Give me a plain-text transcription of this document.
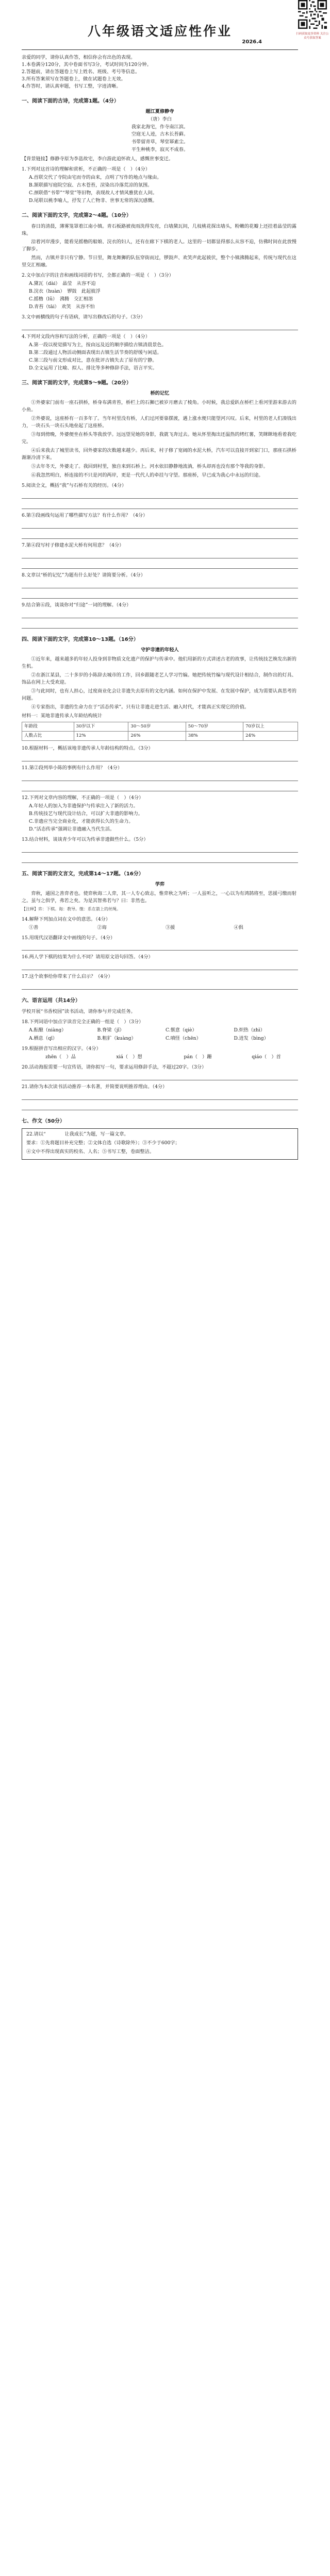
八年级语文适应性作业
2026.4
扫码获取更多资料 关注公众号获取答案

亲爱的同学，请你认真作答，相信你会有出色的表现。

1.本卷满分120分，其中卷面书写3分，考试时间为120分钟。

2.答题前，请在答题卷上写上姓名、班级、考号等信息。

3.所有答案须写在答题卷上，做在试题卷上无效。

4.作答时，请认真审题，书写工整，字迹清晰。

一、阅读下面的古诗，完成第1题。（4分）
题江夏修静寺
（唐）李白
我家北海宅，作寺南江滨。
空庭无人迹，古木长苔藓。
书带留青草，琴堂幂素尘。
平生种桃李，寂灭不成春。

【背景链接】修静寺原为李邕故宅，李白游此追怀故人，感慨世事变迁。

1.下列对这首诗的理解和赏析，不正确的一项是（　）（4分）

A.首联交代了寺院由宅而寺的由来，点明了写作的地点与缘由。

B.颔联描写庭院空寂、古木苍苔，渲染出冷落荒凉的氛围。

C.颈联借“书带”“琴堂”等旧物，表现故人才情风雅犹在人间。

D.尾联以桃李喻人，抒发了人亡物非、世事无常的深沉感慨。

二、阅读下面的文字，完成第2～4题。（10分）

春日的清晨，薄雾笼罩着江南小镇。青石板路被夜雨洗得发亮，白墙黛瓦间，几枝桃花探出墙头，粉嫩的花瓣上还挂着晶莹的露珠。

沿着河岸漫步，能看见摇橹的船娘、浣衣的妇人，还有在廊下下棋的老人。这里的一切都显得那么从容不迫，仿佛时间在此放慢了脚步。

然而，古镇并非只有宁静。节日里，舞龙舞狮的队伍穿街而过，锣鼓声、欢笑声此起彼伏，整个小镇沸腾起来，传统与现代在这里交汇相融。

2.文中加点字的注音和画线词语的书写，全都正确的一项是（　）（3分）

A.黛瓦（dài）　晶莹　从容不迫

B.浣衣（huàn）　锣鼓　此起彼浮

C.摇橹（lǔ）　沸腾　交汇相溶

D.青苔（tāi）　欢笑　从容不怕

3.文中画横线的句子有语病，请写出修改后的句子。（3分）

4.下列对文段内容和写法的分析，正确的一项是（　）（4分）

A.第一段以视觉描写为主，按由远及近的顺序描绘古镇清晨景色。

B.第二段通过人物活动侧面表现出古镇生活节奏的舒缓与闲适。

C.第三段与前文形成对比，意在批评古镇失去了原有的宁静。

D.全文运用了比喻、拟人、排比等多种修辞手法，语言平实。

三、阅读下面的文字，完成第5～9题。（20分）

桥的记忆

①外婆家门前有一座石拱桥，桥身布满青苔，桥栏上的石狮已被岁月磨去了棱角。小时候，我总爱趴在桥栏上看河里游来游去的小鱼。

②外婆说，这座桥有一百多年了。当年村里没有桥，人们过河要靠摆渡，遇上涨水便只能望河兴叹。后来，村里的老人们凑钱出力，一块石头一块石头地垒起了这座桥。

③每到傍晚，外婆便坐在桥头等我放学。远远望见她的身影，我就飞奔过去。她从怀里掏出还温热的烤红薯，笑眯眯地看着我吃完。

④后来我去了城里读书，回外婆家的次数越来越少。再后来，村子修了宽阔的水泥大桥，汽车可以直接开到家门口，那座石拱桥渐渐冷清下来。

⑤去年冬天，外婆走了。我回到村里，独自来到石桥上。河水依旧静静地流淌，桥头却再也没有那个等我的身影。

⑥我忽然明白，桥连接的不只是河的两岸，更是一代代人的牵挂与守望。那座桥，早已成为我心中永远的归途。

5.阅读全文，概括“我”与石桥有关的经历。（4分）

6.第③段画线句运用了哪些描写方法？有什么作用？（4分）

7.第④段写村子修建水泥大桥有何用意？（4分）

8.文章以“桥的记忆”为题有什么好处？请简要分析。（4分）

9.结合第⑥段，谈谈你对“归途”一词的理解。（4分）

四、阅读下面的文字，完成第10～13题。（16分）

守护非遗的年轻人

①近年来，越来越多的年轻人投身到非物质文化遗产的保护与传承中。他们用新的方式讲述古老的故事，让传统技艺焕发出新的生机。

②在浙江某县，二十多岁的小陈辞去城市的工作，回乡跟随老艺人学习竹编。她把传统竹编与现代设计相结合，制作出的灯具、饰品在网上大受欢迎。

③与此同时，也有人担心，过度商业化会让非遗失去原有的文化内涵。如何在保护中发展、在发展中保护，成为需要认真思考的问题。

④专家指出，非遗的生命力在于“活态传承”。只有让非遗走进生活、融入时代，才能真正实现它的价值。

材料一：某地非遗传承人年龄结构统计

年龄段	30岁以下	30～50岁	50～70岁	70岁以上
人数占比	12%	26%	38%	24%

10.根据材料一，概括该地非遗传承人年龄结构的特点。（3分）

11.第②段列举小陈的事例有什么作用？（4分）

12.下列对文章内容的理解，不正确的一项是（　）（4分）

A.年轻人的加入为非遗保护与传承注入了新的活力。

B.传统技艺与现代设计结合，可以扩大非遗的影响力。

C.非遗应当完全商业化，才能获得长久的生命力。

D.“活态传承”强调让非遗融入当代生活。

13.结合材料，谈谈青少年可以为传承非遗做些什么。（5分）

五、阅读下面的文言文，完成第14～17题。（16分）

学弈

弈秋，通国之善弈者也。使弈秋诲二人弈，其一人专心致志，惟弈秋之为听；一人虽听之，一心以为有鸿鹄将至，思援弓缴而射之。虽与之俱学，弗若之矣。为是其智弗若与？曰：非然也。

【注释】弈：下棋。诲：教导。缴：系在箭上的丝绳。

14.解释下列加点词在文中的意思。（4分）

①善　　	②诲　　	③援　　	④俱　　

15.用现代汉语翻译文中画线的句子。（4分）

16.两人学下棋的结果为什么不同？请用原文语句回答。（4分）

17.这个故事给你带来了什么启示？（4分）

六、语言运用（共14分）

学校开展“书香校园”读书活动，请你参与并完成任务。

18.下列词语中加点字读音完全正确的一组是（　）（3分）

A.酝酿（niàng）	B.脊梁（jǐ）	C.惬意（qiè）	D.炽热（zhì）
A.栖息（qī）	B.粗犷（kuàng）	C.嗔怪（chēn）	D.迸发（bìng）

19.根据拼音写出相应的汉字。（4分）

zhēn（　）品	xiá（　）想	pán（　）跚	qiáo（　）首

20.活动海报需要一句宣传语，请你拟写一句，要求运用修辞手法，不超过20字。（3分）

21.请你为本次读书活动推荐一本名著，并简要说明推荐理由。（4分）

七、作文（50分）

22.请以“　　　　让我成长”为题，写一篇文章。

要求：①先将题目补充完整；②文体自选（诗歌除外）；③不少于600字；

④文中不得出现真实的校名、人名；⑤书写工整，卷面整洁。
